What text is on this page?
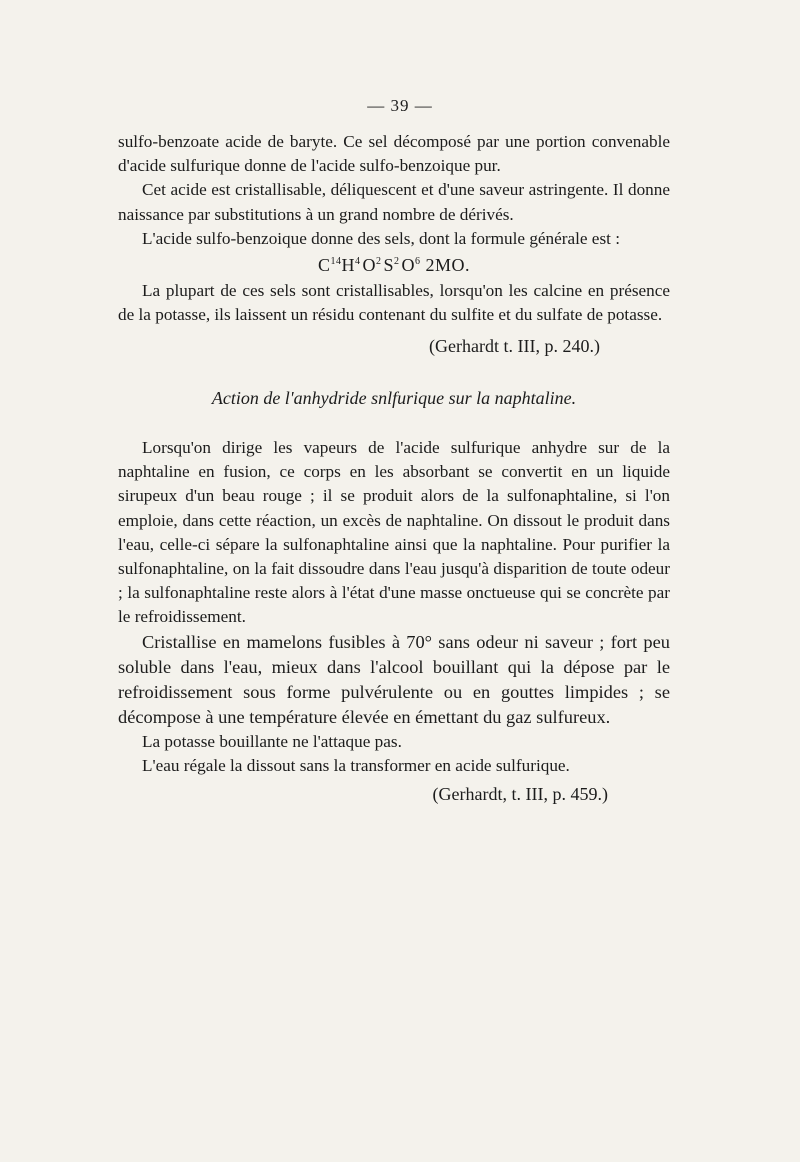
— 39 —

sulfo-benzoate acide de baryte. Ce sel décomposé par une portion convenable d'acide sulfurique donne de l'acide sulfo-benzoique pur.

Cet acide est cristallisable, déliquescent et d'une saveur astringente. Il donne naissance par substitutions à un grand nombre de dérivés.

L'acide sulfo-benzoique donne des sels, dont la formule générale est :

$C^{14}H^4$  $O^2$  $S^2$  $O^6$ 2MO.

La plupart de ces sels sont cristallisables, lorsqu'on les calcine en présence de la potasse, ils laissent un résidu contenant du sulfite et du sulfate de potasse.

(Gerhardt t. III, p. 240.)

Action de l'anhydride snlfurique sur la naphtaline.

Lorsqu'on dirige les vapeurs de l'acide sulfurique anhydre sur de la naphtaline en fusion, ce corps en les absorbant se convertit en un liquide sirupeux d'un beau rouge ; il se produit alors de la sulfonaphtaline, si l'on emploie, dans cette réaction, un excès de naphtaline. On dissout le produit dans l'eau, celle-ci sépare la sulfonaphtaline ainsi que la naphtaline. Pour purifier la sulfonaphtaline, on la fait dissoudre dans l'eau jusqu'à disparition de toute odeur ; la sulfonaphtaline reste alors à l'état d'une masse onctueuse qui se concrète par le refroidissement.

Cristallise en mamelons fusibles à 70° sans odeur ni saveur ; fort peu soluble dans l'eau, mieux dans l'alcool bouillant qui la dépose par le refroidissement sous forme pulvérulente ou en gouttes limpides ; se décompose à une température élevée en émettant du gaz sulfureux.

La potasse bouillante ne l'attaque pas.

L'eau régale la dissout sans la transformer en acide sulfurique.

(Gerhardt, t. III, p. 459.)
